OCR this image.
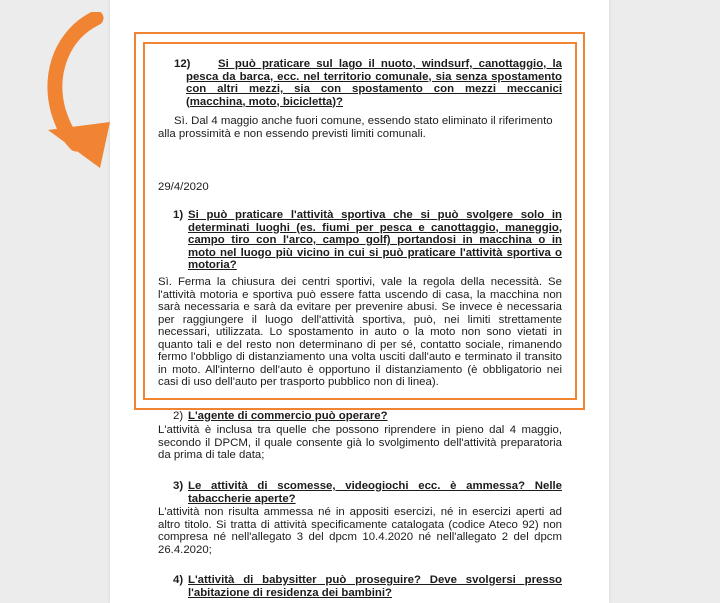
12) Si può praticare sul lago il nuoto, windsurf, canottaggio, la
pesca da barca, ecc. nel territorio comunale, sia senza spostamento
con altri mezzi, sia con spostamento con mezzi meccanici
(macchina, moto, bicicletta)?
Sì. Dal 4 maggio anche fuori comune, essendo stato eliminato il riferimento
alla prossimità e non essendo previsti limiti comunali.
29/4/2020
1) Si può praticare l'attività sportiva che si può svolgere solo in
determinati luoghi (es. fiumi per pesca e canottaggio, maneggio,
campo tiro con l'arco, campo golf) portandosi in macchina o in
moto nel luogo più vicino in cui si può praticare l'attività sportiva o
motoria?
Sì. Ferma la chiusura dei centri sportivi, vale la regola della necessità. Se
l'attività motoria e sportiva può essere fatta uscendo di casa, la macchina non
sarà necessaria e sarà da evitare per prevenire abusi. Se invece è necessaria
per raggiungere il luogo dell'attività sportiva, può, nei limiti strettamente
necessari, utilizzata. Lo spostamento in auto o la moto non sono vietati in
quanto tali e del resto non determinano di per sé, contatto sociale, rimanendo
fermo l'obbligo di distanziamento una volta usciti dall'auto e terminato il transito
in moto. All'interno dell'auto è opportuno il distanziamento (è obbligatorio nei
casi di uso dell'auto per trasporto pubblico non di linea).
2) L'agente di commercio può operare?
L'attività è inclusa tra quelle che possono riprendere in pieno dal 4 maggio,
secondo il DPCM, il quale consente già lo svolgimento dell'attività preparatoria
da prima di tale data;
3) Le attività di scomesse, videogiochi ecc. è ammessa? Nelle
tabaccherie aperte?
L'attività non risulta ammessa né in appositi esercizi, né in esercizi aperti ad
altro titolo. Si tratta di attività specificamente catalogata (codice Ateco 92) non
compresa né nell'allegato 3 del dpcm 10.4.2020 né nell'allegato 2 del dpcm
26.4.2020;
4) L'attività di babysitter può proseguire? Deve svolgersi presso
l'abitazione di residenza dei bambini?
